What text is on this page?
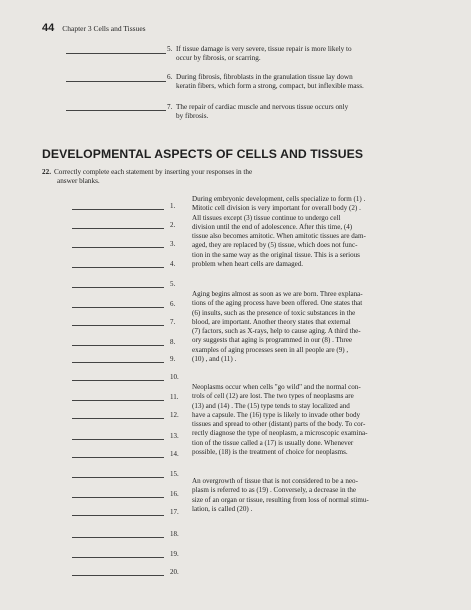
44 Chapter 3 Cells and Tissues
5. If tissue damage is very severe, tissue repair is more likely to
occur by fibrosis, or scarring.
6. During fibrosis, fibroblasts in the granulation tissue lay down
keratin fibers, which form a strong, compact, but inflexible mass.
7. The repair of cardiac muscle and nervous tissue occurs only
by fibrosis.
DEVELOPMENTAL ASPECTS OF CELLS AND TISSUES
22. Correctly complete each statement by inserting your responses in the
answer blanks.
1.
2.
3.
4.
5.
6.
7.
8.
9.
10.
11.
12.
13.
14.
15.
16.
17.
18.
19.
20.
During embryonic development, cells specialize to form (1) .
Mitotic cell division is very important for overall body (2) .
All tissues except (3) tissue continue to undergo cell
division until the end of adolescence. After this time, (4)
tissue also becomes amitotic. When amitotic tissues are dam-
aged, they are replaced by (5) tissue, which does not func-
tion in the same way as the original tissue. This is a serious
problem when heart cells are damaged.
Aging begins almost as soon as we are born. Three explana-
tions of the aging process have been offered. One states that
(6) insults, such as the presence of toxic substances in the
blood, are important. Another theory states that external
(7) factors, such as X-rays, help to cause aging. A third the-
ory suggests that aging is programmed in our (8) . Three
examples of aging processes seen in all people are (9) ,
(10) , and (11) .
Neoplasms occur when cells "go wild" and the normal con-
trols of cell (12) are lost. The two types of neoplasms are
(13) and (14) . The (15) type tends to stay localized and
have a capsule. The (16) type is likely to invade other body
tissues and spread to other (distant) parts of the body. To cor-
rectly diagnose the type of neoplasm, a microscopic examina-
tion of the tissue called a (17) is usually done. Whenever
possible, (18) is the treatment of choice for neoplasms.
An overgrowth of tissue that is not considered to be a neo-
plasm is referred to as (19) . Conversely, a decrease in the
size of an organ or tissue, resulting from loss of normal stimu-
lation, is called (20) .
